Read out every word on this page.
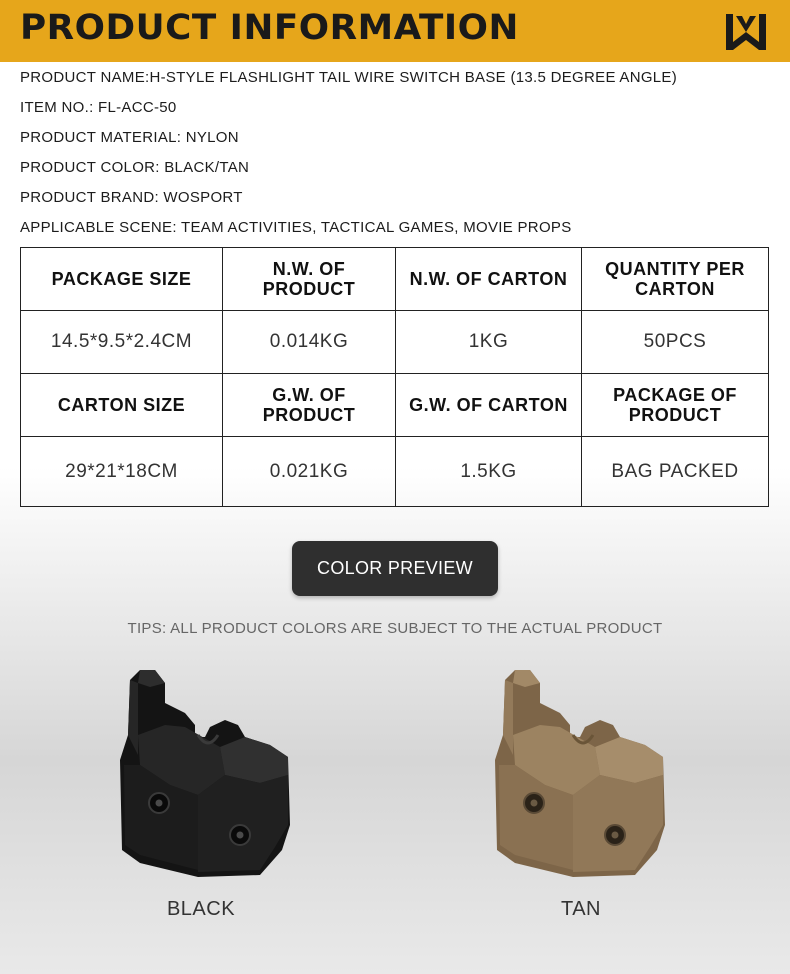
PRODUCT INFORMATION
PRODUCT NAME:H-STYLE FLASHLIGHT TAIL WIRE SWITCH BASE (13.5 DEGREE ANGLE)
ITEM NO.: FL-ACC-50
PRODUCT MATERIAL: NYLON
PRODUCT COLOR: BLACK/TAN
PRODUCT BRAND: WOSPORT
APPLICABLE SCENE: TEAM ACTIVITIES, TACTICAL GAMES, MOVIE PROPS
PACKAGE SIZE	N.W. OF PRODUCT	N.W. OF CARTON	QUANTITY PER CARTON
14.5*9.5*2.4CM	0.014KG	1KG	50PCS
CARTON SIZE	G.W. OF PRODUCT	G.W. OF CARTON	PACKAGE OF PRODUCT
29*21*18CM	0.021KG	1.5KG	BAG PACKED
COLOR PREVIEW
TIPS: ALL PRODUCT COLORS ARE SUBJECT TO THE ACTUAL PRODUCT
BLACK	TAN
